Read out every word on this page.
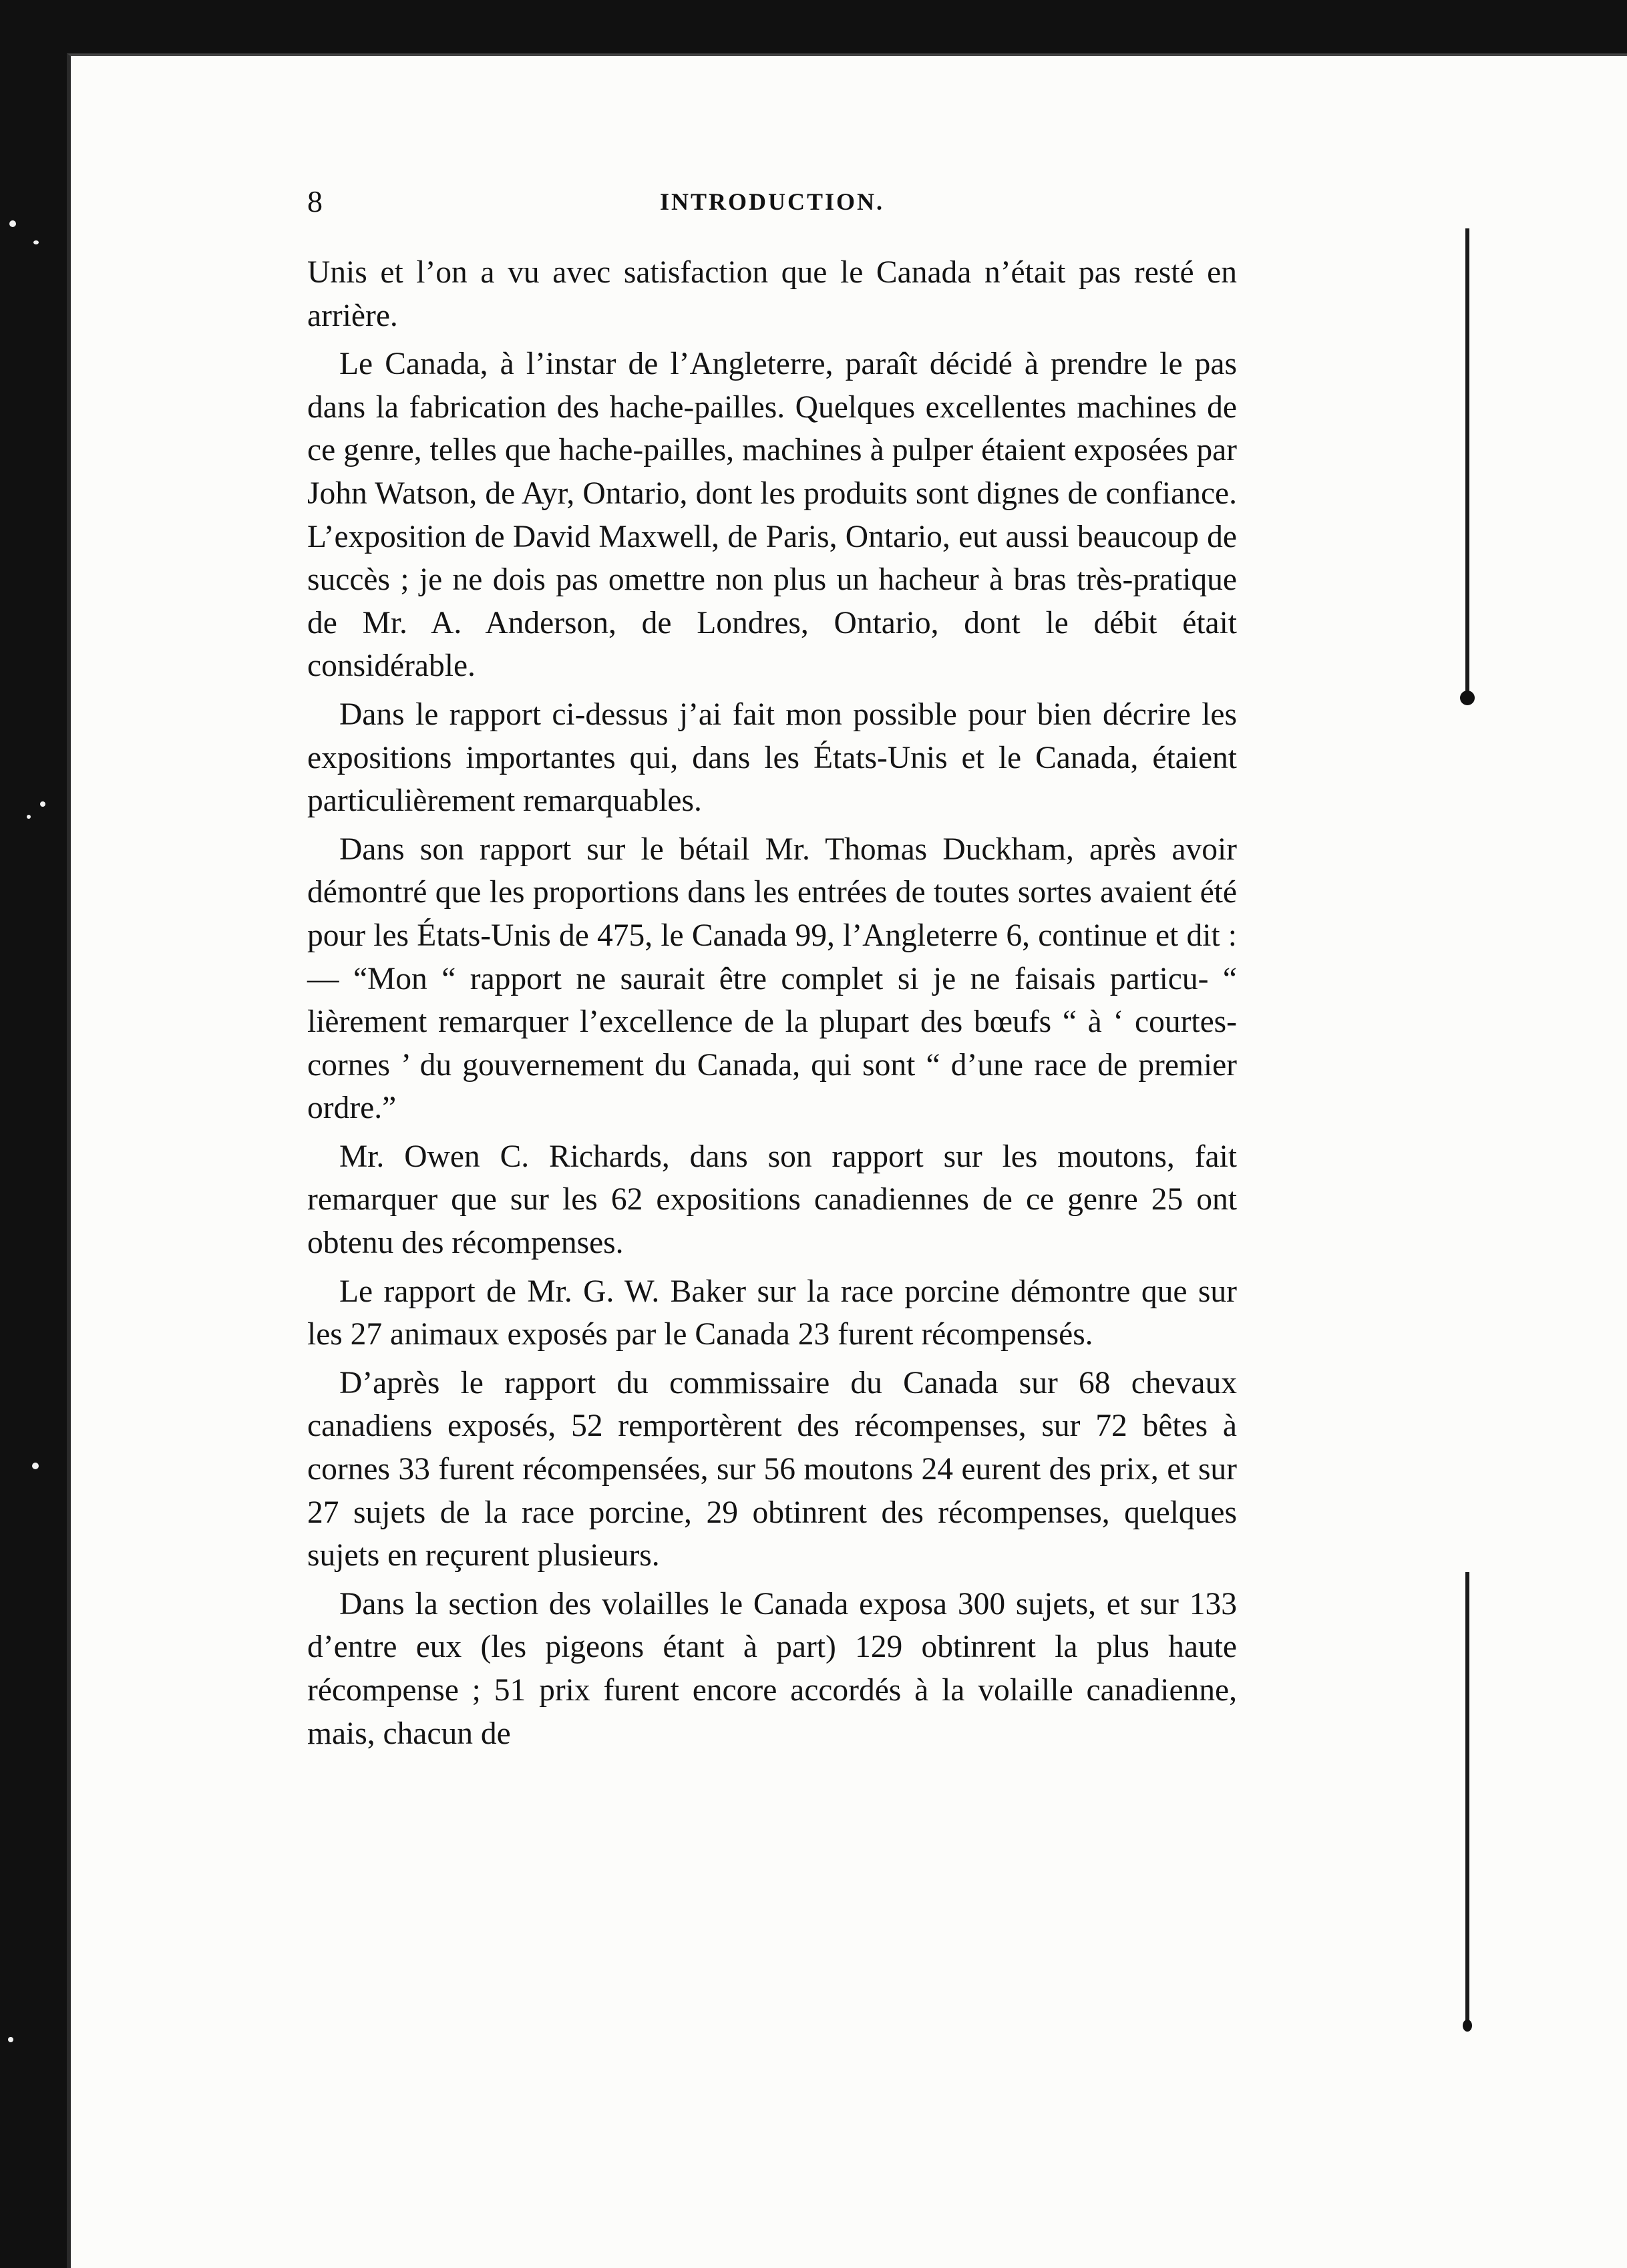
8	INTRODUCTION.

Unis et l’on a vu avec satisfaction que le Canada n’était pas resté en arrière.

Le Canada, à l’instar de l’Angleterre, paraît décidé à prendre le pas dans la fabrication des hache-pailles. Quelques excellentes machines de ce genre, telles que hache-pailles, machines à pulper étaient exposées par John Watson, de Ayr, Ontario, dont les produits sont dignes de confiance. L’exposition de David Maxwell, de Paris, Ontario, eut aussi beaucoup de succès ; je ne dois pas omettre non plus un hacheur à bras très-pratique de Mr. A. Anderson, de Londres, Ontario, dont le débit était considérable.

Dans le rapport ci-dessus j’ai fait mon possible pour bien décrire les expositions importantes qui, dans les États-Unis et le Canada, étaient particulièrement remarquables.

Dans son rapport sur le bétail Mr. Thomas Duckham, après avoir démontré que les proportions dans les entrées de toutes sortes avaient été pour les États-Unis de 475, le Canada 99, l’Angleterre 6, continue et dit : — “Mon “ rapport ne saurait être complet si je ne faisais particu- “ lièrement remarquer l’excellence de la plupart des bœufs “ à ‘ courtes-cornes ’ du gouvernement du Canada, qui sont “ d’une race de premier ordre.”

Mr. Owen C. Richards, dans son rapport sur les moutons, fait remarquer que sur les 62 expositions canadiennes de ce genre 25 ont obtenu des récompenses.

Le rapport de Mr. G. W. Baker sur la race porcine démontre que sur les 27 animaux exposés par le Canada 23 furent récompensés.

D’après le rapport du commissaire du Canada sur 68 chevaux canadiens exposés, 52 remportèrent des récompenses, sur 72 bêtes à cornes 33 furent récompensées, sur 56 moutons 24 eurent des prix, et sur 27 sujets de la race porcine, 29 obtinrent des récompenses, quelques sujets en reçurent plusieurs.

Dans la section des volailles le Canada exposa 300 sujets, et sur 133 d’entre eux (les pigeons étant à part) 129 obtinrent la plus haute récompense ; 51 prix furent encore accordés à la volaille canadienne, mais, chacun de
